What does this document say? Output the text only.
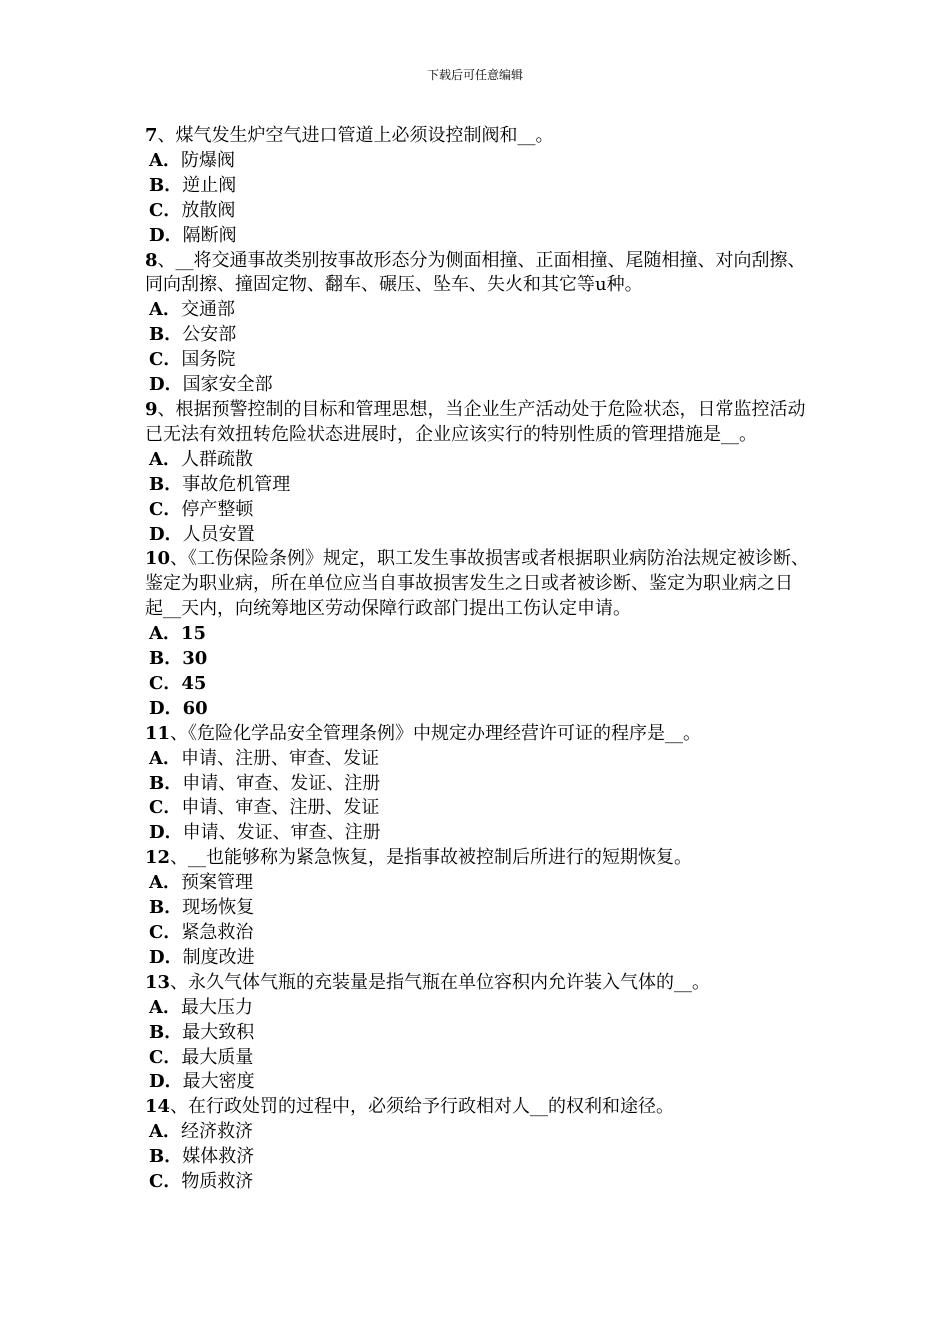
下载后可任意编辑

7、煤气发生炉空气进口管道上必须设控制阀和__。

A．防爆阀

B．逆止阀

C．放散阀

D．隔断阀

8、__将交通事故类别按事故形态分为侧面相撞、正面相撞、尾随相撞、对向刮擦、同向刮擦、撞固定物、翻车、碾压、坠车、失火和其它等u种。

A．交通部

B．公安部

C．国务院

D．国家安全部

9、根据预警控制的目标和管理思想，当企业生产活动处于危险状态，日常监控活动已无法有效扭转危险状态进展时，企业应该实行的特别性质的管理措施是__。

A．人群疏散

B．事故危机管理

C．停产整顿

D．人员安置

10、《工伤保险条例》规定，职工发生事故损害或者根据职业病防治法规定被诊断、鉴定为职业病，所在单位应当自事故损害发生之日或者被诊断、鉴定为职业病之日起__天内，向统筹地区劳动保障行政部门提出工伤认定申请。

A．15

B．30

C．45

D．60

11、《危险化学品安全管理条例》中规定办理经营许可证的程序是__。

A．申请、注册、审查、发证

B．申请、审查、发证、注册

C．申请、审查、注册、发证

D．申请、发证、审查、注册

12、__也能够称为紧急恢复，是指事故被控制后所进行的短期恢复。

A．预案管理

B．现场恢复

C．紧急救治

D．制度改进

13、永久气体气瓶的充装量是指气瓶在单位容积内允许装入气体的__。

A．最大压力

B．最大致积

C．最大质量

D．最大密度

14、在行政处罚的过程中，必须给予行政相对人__的权利和途径。

A．经济救济

B．媒体救济

C．物质救济
